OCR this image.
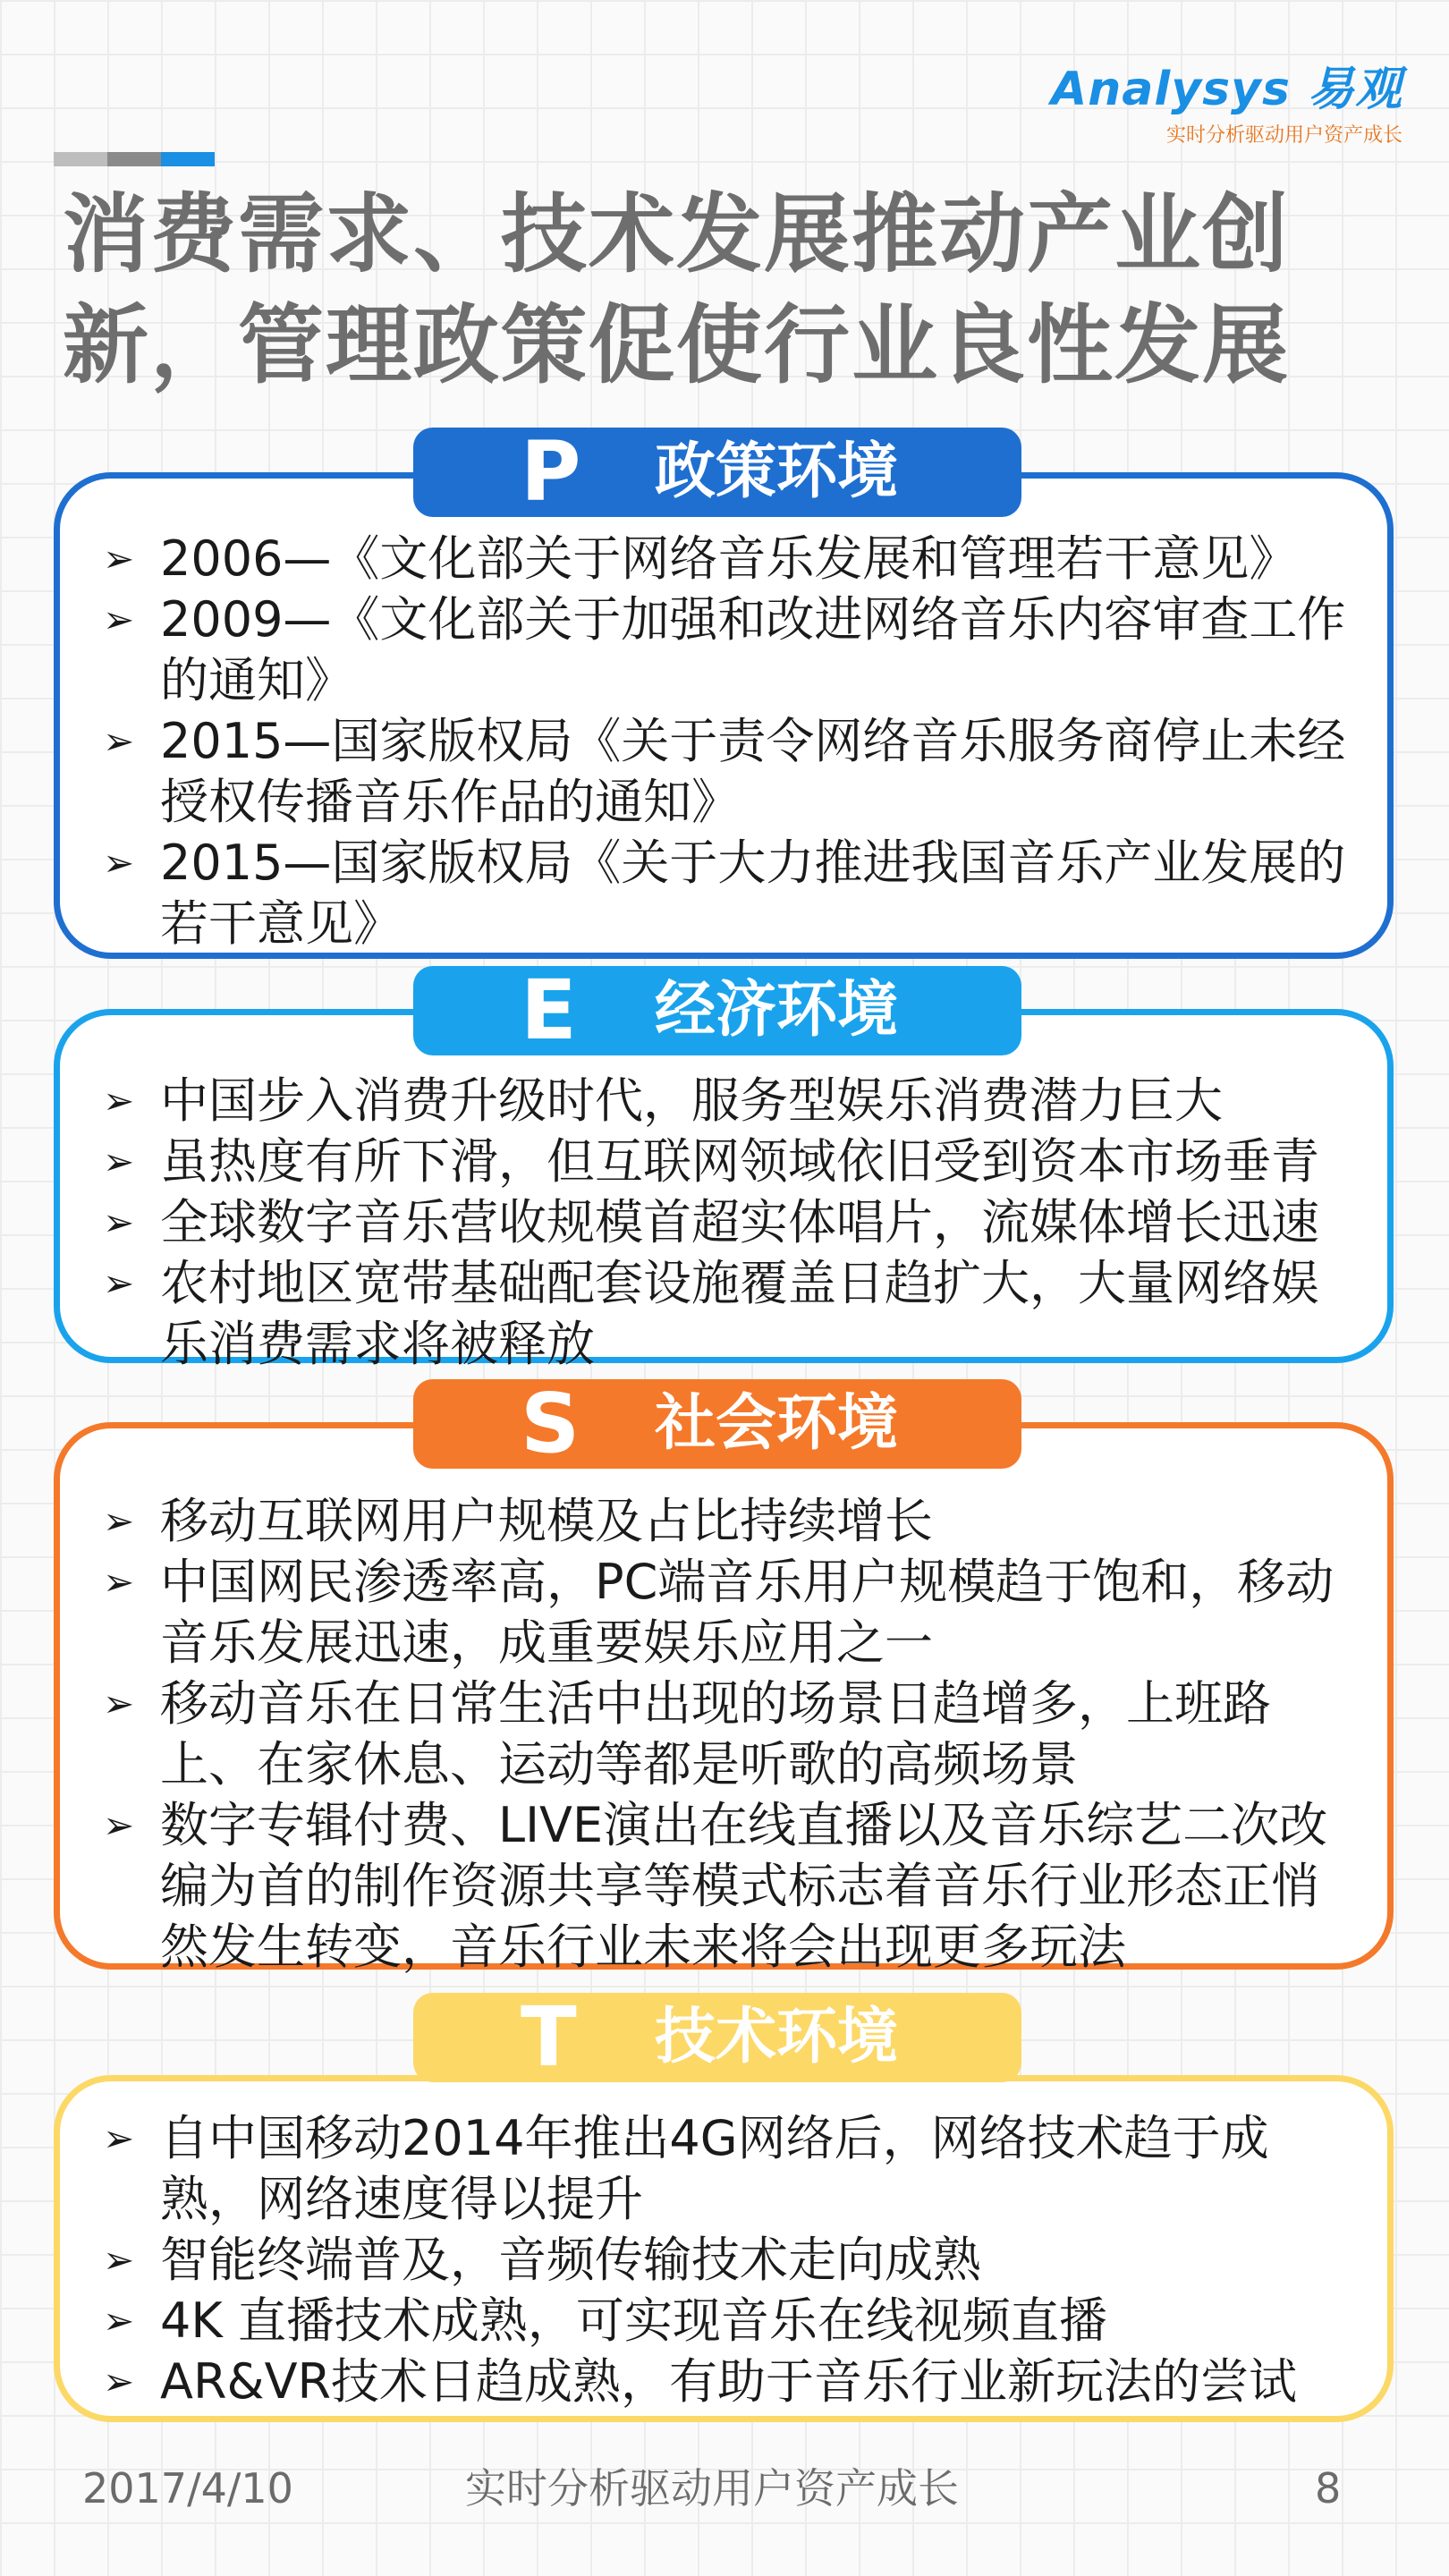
Analysys 易观
实时分析驱动用户资产成长
消费需求、技术发展推动产业创新，管理政策促使行业良性发展
➢ 2006—《文化部关于网络音乐发展和管理若干意见》
➢ 2009—《文化部关于加强和改进网络音乐内容审查工作的通知》
➢ 2015—国家版权局《关于责令网络音乐服务商停止未经授权传播音乐作品的通知》
➢ 2015—国家版权局《关于大力推进我国音乐产业发展的若干意见》
P 政策环境
➢ 中国步入消费升级时代，服务型娱乐消费潜力巨大
➢ 虽热度有所下滑，但互联网领域依旧受到资本市场垂青
➢ 全球数字音乐营收规模首超实体唱片，流媒体增长迅速
➢ 农村地区宽带基础配套设施覆盖日趋扩大，大量网络娱乐消费需求将被释放
E 经济环境
➢ 移动互联网用户规模及占比持续增长
➢ 中国网民渗透率高，PC端音乐用户规模趋于饱和，移动音乐发展迅速，成重要娱乐应用之一
➢ 移动音乐在日常生活中出现的场景日趋增多，上班路上、在家休息、运动等都是听歌的高频场景
➢ 数字专辑付费、LIVE演出在线直播以及音乐综艺二次改编为首的制作资源共享等模式标志着音乐行业形态正悄然发生转变，音乐行业未来将会出现更多玩法
S 社会环境
➢ 自中国移动2014年推出4G网络后，网络技术趋于成熟，网络速度得以提升
➢ 智能终端普及，音频传输技术走向成熟
➢ 4K 直播技术成熟，可实现音乐在线视频直播
➢ AR&VR技术日趋成熟，有助于音乐行业新玩法的尝试
T 技术环境
2017/4/10	实时分析驱动用户资产成长	8
